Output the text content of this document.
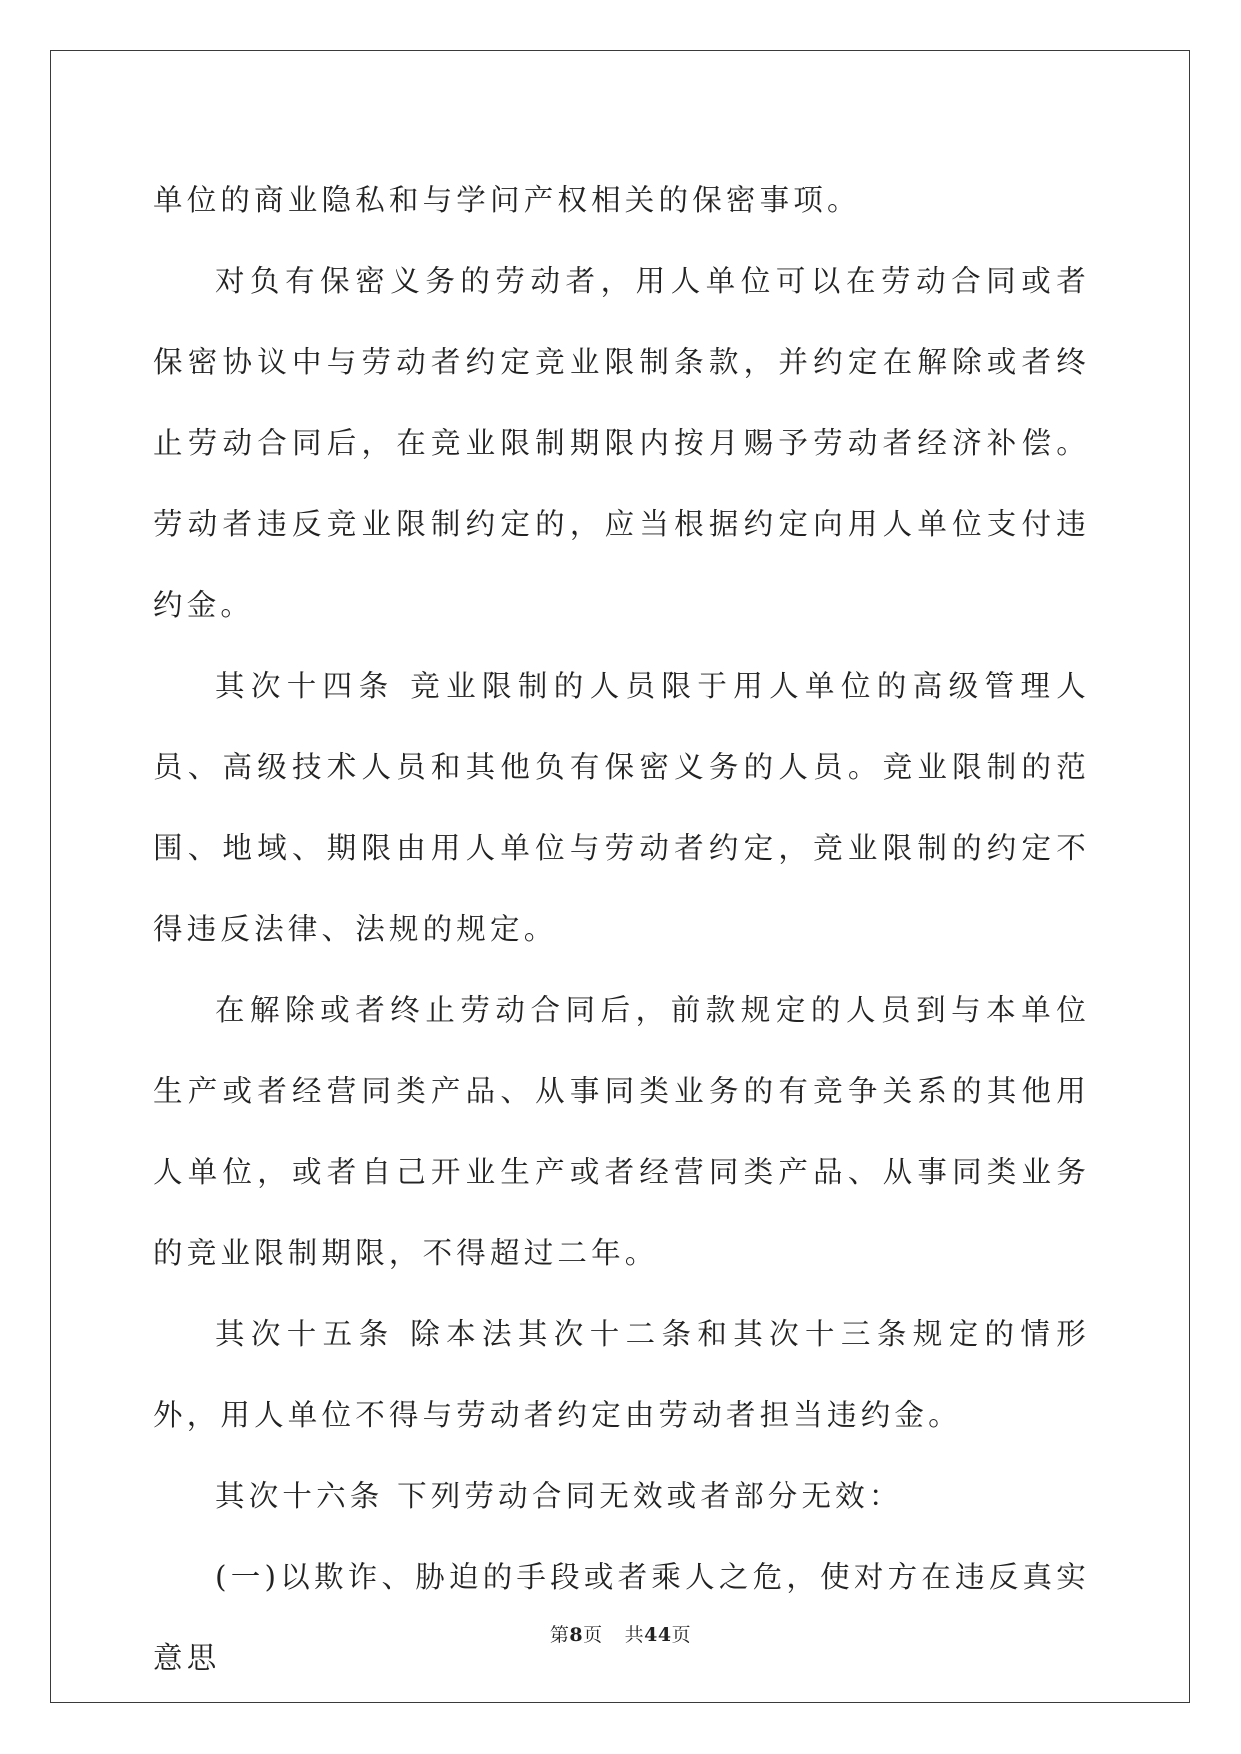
单位的商业隐私和与学问产权相关的保密事项。

对负有保密义务的劳动者，用人单位可以在劳动合同或者保密协议中与劳动者约定竞业限制条款，并约定在解除或者终止劳动合同后，在竞业限制期限内按月赐予劳动者经济补偿。劳动者违反竞业限制约定的，应当根据约定向用人单位支付违约金。

其次十四条 竞业限制的人员限于用人单位的高级管理人员、高级技术人员和其他负有保密义务的人员。竞业限制的范围、地域、期限由用人单位与劳动者约定，竞业限制的约定不得违反法律、法规的规定。

在解除或者终止劳动合同后，前款规定的人员到与本单位生产或者经营同类产品、从事同类业务的有竞争关系的其他用人单位，或者自己开业生产或者经营同类产品、从事同类业务的竞业限制期限，不得超过二年。

其次十五条 除本法其次十二条和其次十三条规定的情形外，用人单位不得与劳动者约定由劳动者担当违约金。

其次十六条 下列劳动合同无效或者部分无效：

(一)以欺诈、胁迫的手段或者乘人之危，使对方在违反真实意思

第8页 共44页
